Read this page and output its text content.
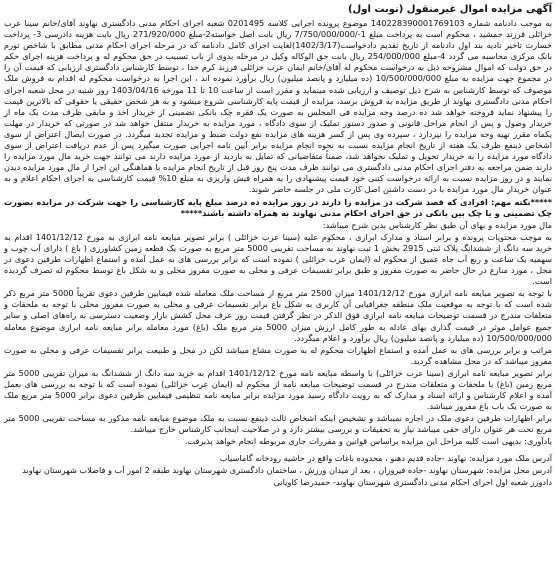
آگهی مزایده اموال غیرمنقول (نوبت اول)

به موجب دادنامه شماره 140228390001769103 موضوع پرونده اجرایی کلاسه 0201495 شعبه اجرای احکام مدنی دادگستری نهاوند آقای/خانم سینا عرب خزائلی فرزند جمشید ، محکوم است به پرداخت مبلغ 1-/7/750/000/000 ریال بابت اصل خواسته2-مبلغ 271/920/000 ریال بابت هزینه دادرسی 3- پرداخت خسارت تاخیر تادیه بند اول دادنامه از تاریخ تقدیم دادخواست(1402/3/17)لغایت اجرای کامل دادنامه که در مرحله اجرای احکام مدنی مطابق با شاخص تورم بانک مرکزی محاسبه می گردد 4-مبلغ 254/000/000 ریال بابت حق الوکاله وکیل در مرحله بدوی از باب تسبیب در حق محکوم له و پرداخت هزینه اجرای حکم در حق دولت که اموال مشروحه ذیل به درخواست محکوم له آقای/خانم ایمان عرب خزائلی فرزند کرم خدا ، توسط کارشناس دادگستری ارزیابی که قیمت آن را در مجموع جهت مزایده به مبلغ 10/500/000/000 (ده میلیارد و پانصد میلیون) ریال برآورد نموده اند ، این اجرا به درخواست محکوم له اقدام به فروش ملک موصوف که توسط کارشناس به شرح ذیل توصیف و ارزیابی شده مینماید و مقرر است از ساعت 10 تا 11 مورخه 1403/04/16 روز شنبه در محل شعبه اجرای احکام مدنی دادگستری نهاوند از طریق مزایده به فروش برسد، مزایده از قیمت پایه کارشناسی شروع میشود و به هر شخص حقیقی یا حقوقی که بالاترین قیمت را پیشنهاد نماید فروخته خواهد شد ده درصد وجه مزایده فی المجلس به صورت یک فقره چک بانکی تضمینی از خریدار اخذ و مابقی ظرف مدت یک ماه از خریدار وصول و پس از انجام مراحل قانونی و صدور دستور تمليک از سوی دادگاه ، مورد مزایده به خریدار منتقل خواهد شد در صورتی که خریدار در مهلت یکماه مقرر تهیه وجه مزایده را نپردازد ، سپرده وی پس از کسر هزینه های مزایده نفع دولت ضبط و مزایده تجدید میگردد. در صورت ایصال اعتراض از سوی اشخاص ذینفع ظرف یک هفته از تاریخ انجام مزایده نسبت به نحوه انجام مزایده برابر آیین نامه اجرایی صورت میگیرد پس از عدم دریافت اعتراض از سوی دادگاه مورد مزایده را به خریدار تحویل و تملیک نخواهد شد، ضمناً متقاضیانی که تمایل به بازدید از مورد مزایده دارند می توانند جهت خرید مال مورد مزایده را دارند ضمن مراجعه به دفتر اجرای احکام مدنی دادگستری می توانند ظرف مدت پنج روز قبل از تاریخ انجام مزایده با هماهنگی این اجرا از مال مورد مزایده دیدن نمایند و در روز مزایده نسبت به ارائه درخواست کتبی خود قیمت پیشنهادی را به همراه فیش واریزی به مبلغ 10% قیمت کارشناسی به اجرای احکام اعلام و به عنوان خریدار مال مورد مزایده با در دست داشتن اصل کارت ملی در جلسه حاضر شوند.

*****نکته مهم: افرادی که قصد شرکت در مزایده را دارند در روز مزایده ده درصد مبلغ پایه کارشناسی را جهت شرکت در مزایده بصورت چک تضمینی و یا چک بین بانکی در حق اجرای احکام مدنی نهاوند به همراه داشته باشند*****

مال مورد مزایده و بهای آن طبق نظر کارشناس بدین شرح میباشد:

به موجب محتویات پرونده و برابر اسناد و مدارک ابرازی ، محکوم علیه (سینا عرب خزائلی ) برابر تصویر مبایعه نامه ابرازی به مورخ 1401/12/12 اقدام به خرید سه دانگ از ششدانگ پلاک ثبتی 2915 بخش 1 ثبت نهاوند به مساحت تقریبی 5000 متر مربع به صورت یک قطعه زمین کشاورزی ( باغ ) دارای آب چوب و سهمیه یک ساعت و ربع آب جاه عمیق از محکوم له (ایمان عرب خزائلی ) نموده است که برابر بررسی های به عمل آمده و استماع اظهارات طرفین دعوی در محل ، مورد منازع در حال حاضر به صورت مفروز و طبق برابر تقسیمات عرفی و محلی به صورت مفروز محلی و به شکل باغ توسط محکوم له تصرف گردیده است.

با توجه به تصویر مبایعه نامه ابرازی مورخ 1401/12/12 میزان 2500 متر مربع از مساحت ملک معامله شده فیمابین طرفین دعوی تقریباً 5000 متر مربع ذکر شده است که با توجه به موقعیت ملک منطقه جغرافیایی آن کاربری به شکل باغ برابر تقسیمات عرفی و محلی به صورت مفروز محلی با توجه به ملحقات و متعلقات مندرج در قسمت توضیحات مبایعه نامه ابرازی فوق الذکر در نظر گرفتن قیمت روز عرف محل کشش بازار وضعیت دسترسی به راه‌های اصلی و سایر جمیع عوامل موثر در قیمت گذاری بهای عادله به طور کامل ارزش میزان 5000 متر مربع ملک (باغ) مورد معامله برابر مبایعه نامه ابرازی موضوع معامله 10/500/000/000 (ده میلیارد و پانصد میلیون) ریال برآورد و اعلام میگردد.

مراتب و برابر بررسی های به عمل آمده و استماع اظهارات محکوم له به صورت مشاع میباشد لکن در محل و طبیعت برابر تقسیمات عرفی و محلی به صورت مفروز میباشد که در محل مشاهده گردید.

برابر تصویر مبایعه نامه ابرازی (سینا عرب خزائلی) با واسطه مبایعه نامه مورخ 1401/12/12 اقدام به خرید سه دانگ از ششدانگ به میزان تقریبی 5000 متر مربع زمین (باغ) با ملحقات و متعلقات مندرج در قسمت توضیحات مبایعه نامه از محکوم له (ایمان عرب خزائلی) نموده است که با توجه به بررسی های بعمل آمده و اعلام کارشناس و ارائه اسناد و مدارک که به رویت دادگاه رسید مورد مزایده برابر مبایعه نامه تنظیمی فیمابین طرفین دعوی برابر 5000 متر مربع ملک به صورت یک باب باغ مفروز میباشد.

برابر اظهارات طرفین دعوی ملک در اجاره نمیباشد و تشخیص اینکه اشخاص ثالث ذینفع نسبت به ملک موضوع مبایعه نامه مذکور به مساحت تقریبی 5000 متر مربع تحت هر عنوان دارای حقی میباشد نیاز به تحقیقات و بررسی بیشتر دارد و در صلاحیت اینجانب کارشناس خارج میباشد.

یادآوری: بدیهی است کلیه مراحل این مزایده براساس قوانین و مقررات جاری مربوطه انجام خواهد پذیرفت.

آدرس ملک مورد مزایده: نهاوند -جاده قدیم دهنو ، محدوده باغات واقع در حاشیه رودخانه گاماسیاب

آدرس محل مزایده: شهرستان نهاوند -جاده فیروزان ، بعد از میدان ورزش ، ساختمان دادگستری شهرستان نهاوند طبقه 2 امور آب و فاضلاب شهرستان نهاوند

دادورز شعبه اول اجرای احکام مدنی دادگستری شهرستان نهاوند- حمیدرضا کاویانی
